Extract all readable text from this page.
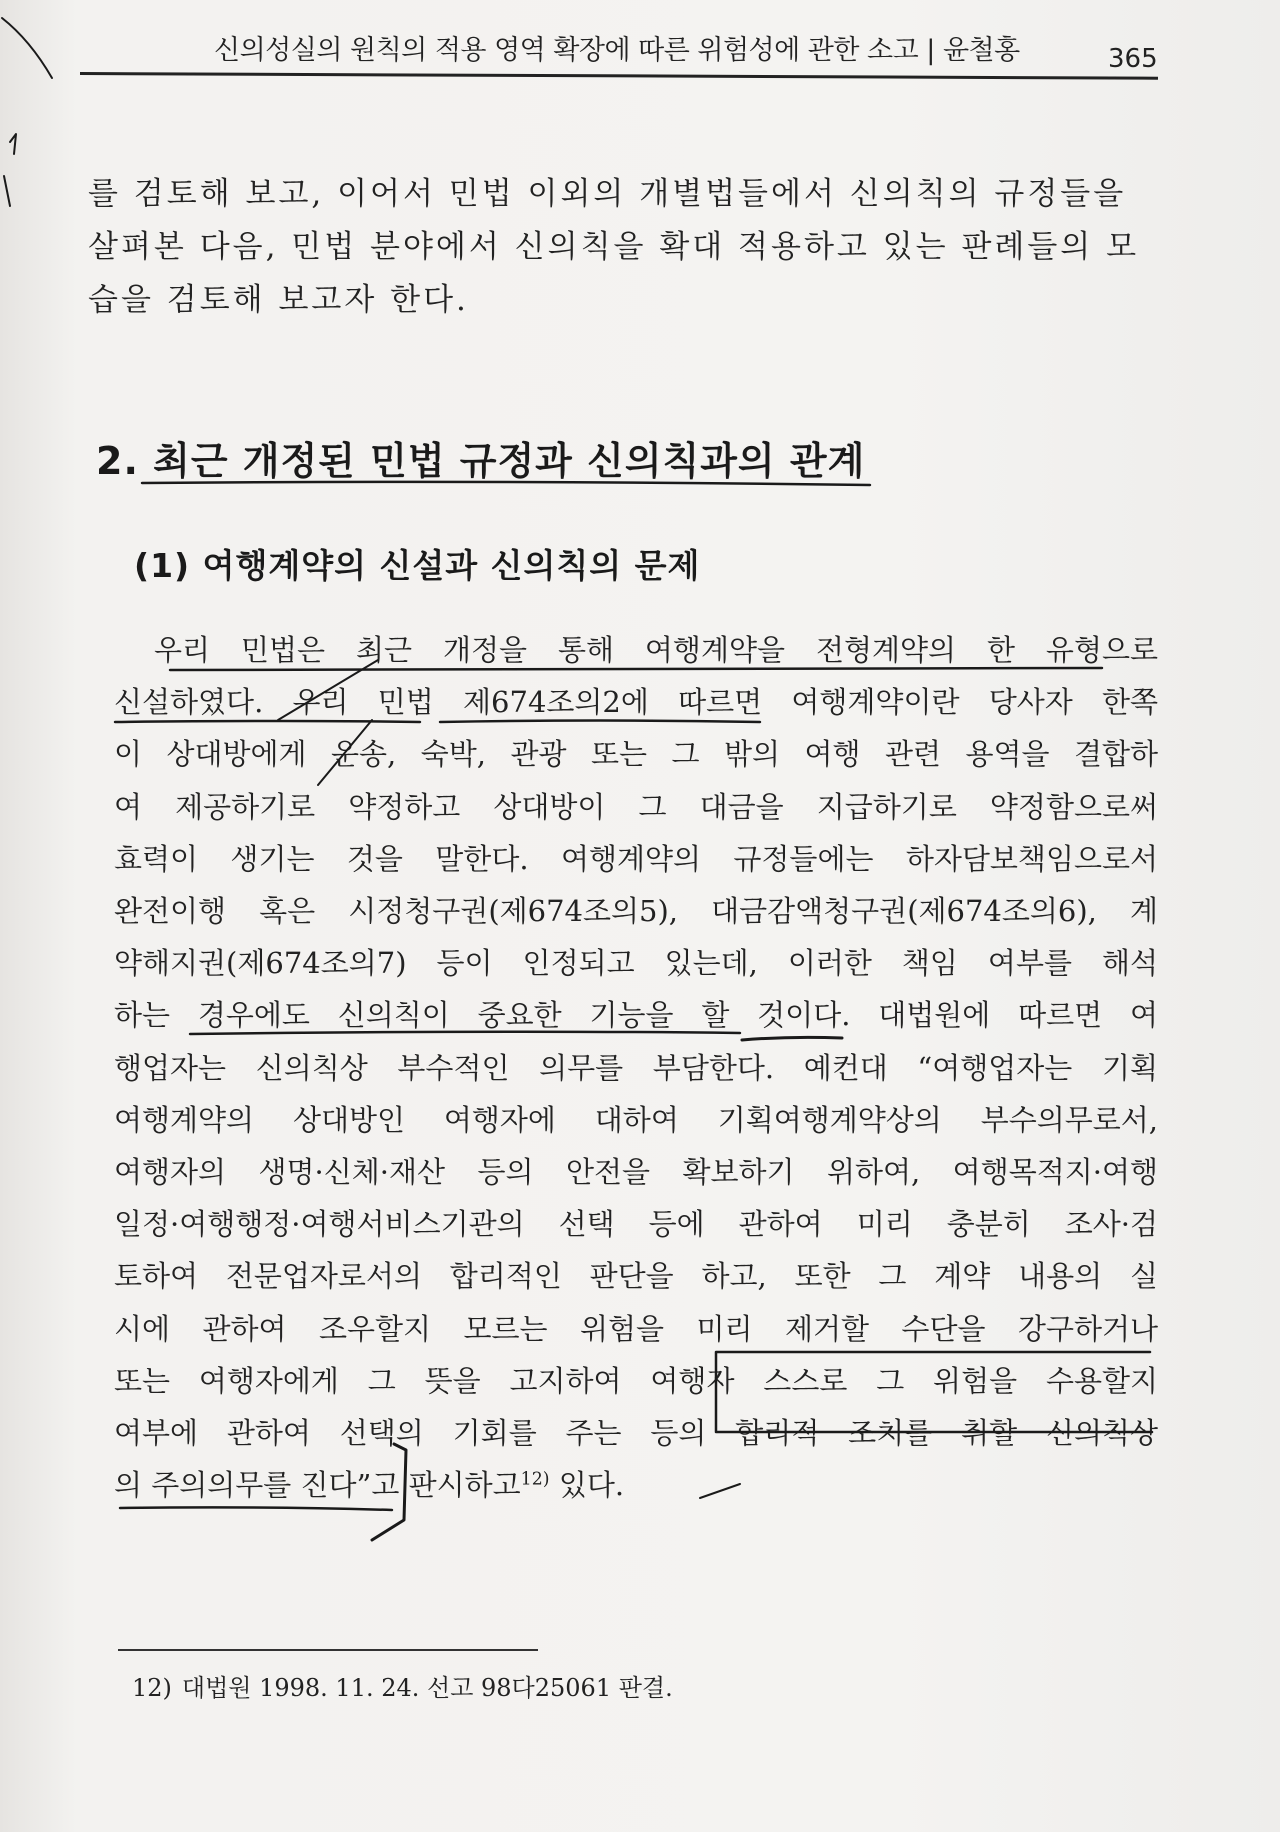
신의성실의 원칙의 적용 영역 확장에 따른 위험성에 관한 소고 | 윤철홍	365
를 검토해 보고, 이어서 민법 이외의 개별법들에서 신의칙의 규정들을
살펴본 다음, 민법 분야에서 신의칙을 확대 적용하고 있는 판례들의 모
습을 검토해 보고자 한다.
2. 최근 개정된 민법 규정과 신의칙과의 관계
(1) 여행계약의 신설과 신의칙의 문제
우리 민법은 최근 개정을 통해 여행계약을 전형계약의 한 유형으로
신설하였다. 우리 민법 제674조의2에 따르면 여행계약이란 당사자 한쪽
이 상대방에게 운송, 숙박, 관광 또는 그 밖의 여행 관련 용역을 결합하
여 제공하기로 약정하고 상대방이 그 대금을 지급하기로 약정함으로써
효력이 생기는 것을 말한다. 여행계약의 규정들에는 하자담보책임으로서
완전이행 혹은 시정청구권(제674조의5), 대금감액청구권(제674조의6), 계
약해지권(제674조의7) 등이 인정되고 있는데, 이러한 책임 여부를 해석
하는 경우에도 신의칙이 중요한 기능을 할 것이다. 대법원에 따르면 여
행업자는 신의칙상 부수적인 의무를 부담한다. 예컨대 “여행업자는 기획
여행계약의 상대방인 여행자에 대하여 기획여행계약상의 부수의무로서,
여행자의 생명·신체·재산 등의 안전을 확보하기 위하여, 여행목적지·여행
일정·여행행정·여행서비스기관의 선택 등에 관하여 미리 충분히 조사·검
토하여 전문업자로서의 합리적인 판단을 하고, 또한 그 계약 내용의 실
시에 관하여 조우할지 모르는 위험을 미리 제거할 수단을 강구하거나
또는 여행자에게 그 뜻을 고지하여 여행자 스스로 그 위험을 수용할지
여부에 관하여 선택의 기회를 주는 등의 합리적 조치를 취할 신의칙상
의 주의의무를 진다”고 판시하고$^{12)}$ 있다.
12) 대법원 1998. 11. 24. 선고 98다25061 판결.
